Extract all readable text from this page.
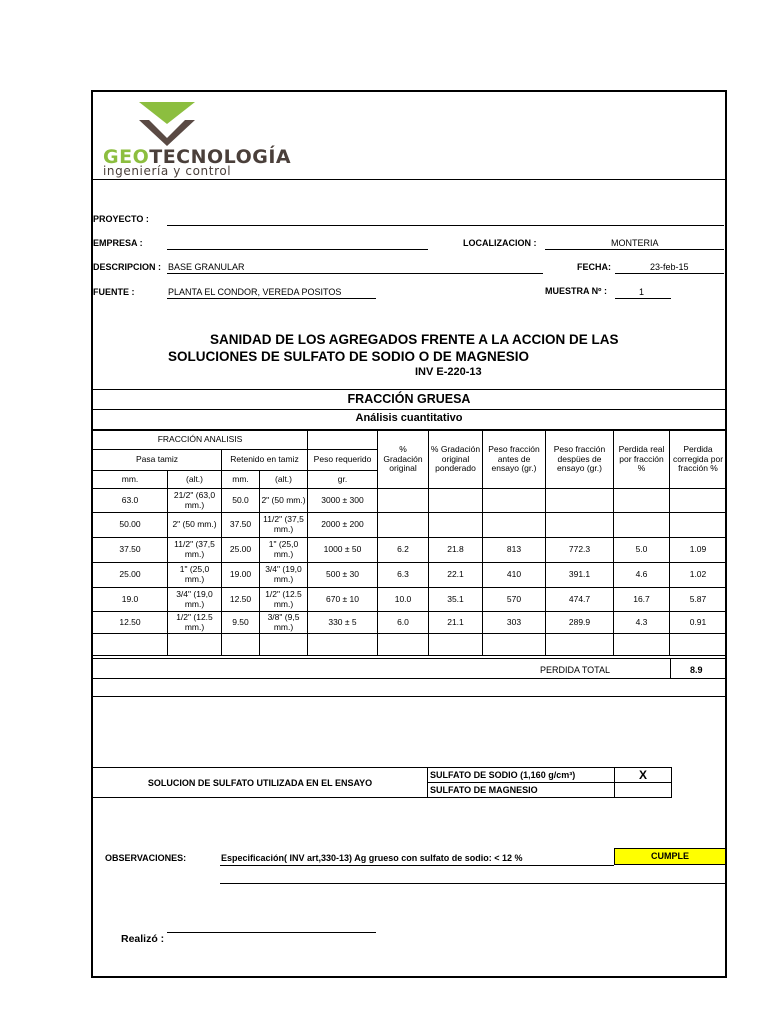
GEOTECNOLOGÍA
ingeniería y control
PROYECTO :
EMPRESA :	LOCALIZACION :	MONTERIA
DESCRIPCION : BASE GRANULAR	FECHA:	23-feb-15
FUENTE :	PLANTA EL CONDOR, VEREDA POSITOS	MUESTRA Nº :	1
SANIDAD DE LOS AGREGADOS FRENTE A LA ACCION DE LAS
SOLUCIONES DE SULFATO DE SODIO O DE MAGNESIO
INV E-220-13
FRACCIÓN GRUESA
Análisis cuantitativo
FRACCIÓN ANALISIS					% Gradación original	% Gradación original ponderado	Peso fracción antes de ensayo (gr.)	Peso fracción despües de ensayo (gr.)	Perdida real por fracción %	Perdida corregida por fracción %
Pasa tamiz		Retenido en tamiz		Peso requerido						
mm.	(alt.)	mm.	(alt.)	gr.						
63.0	21/2" (63,0 mm.)	50.0	2" (50 mm.)	3000 ± 300						
50.00	2" (50 mm.)	37.50	11/2" (37,5 mm.)	2000 ± 200						
37.50	11/2" (37,5 mm.)	25.00	1" (25,0 mm.)	1000 ± 50	6.2	21.8	813	772.3	5.0	1.09
25.00	1" (25,0 mm.)	19.00	3/4" (19,0 mm.)	500 ± 30	6.3	22.1	410	391.1	4.6	1.02
19.0	3/4" (19,0 mm.)	12.50	1/2" (12.5 mm.)	670 ± 10	10.0	35.1	570	474.7	16.7	5.87
12.50	1/2" (12.5 mm.)	9.50	3/8" (9,5 mm.)	330 ± 5	6.0	21.1	303	289.9	4.3	0.91

PERDIDA TOTAL	8.9
SOLUCION DE SULFATO UTILIZADA EN EL ENSAYO	SULFATO DE SODIO (1,160 g/cm³)	X
	SULFATO DE MAGNESIO	
OBSERVACIONES:	Especificación( INV art,330-13) Ag grueso con sulfato de sodio: < 12 %	CUMPLE
Realizó :
